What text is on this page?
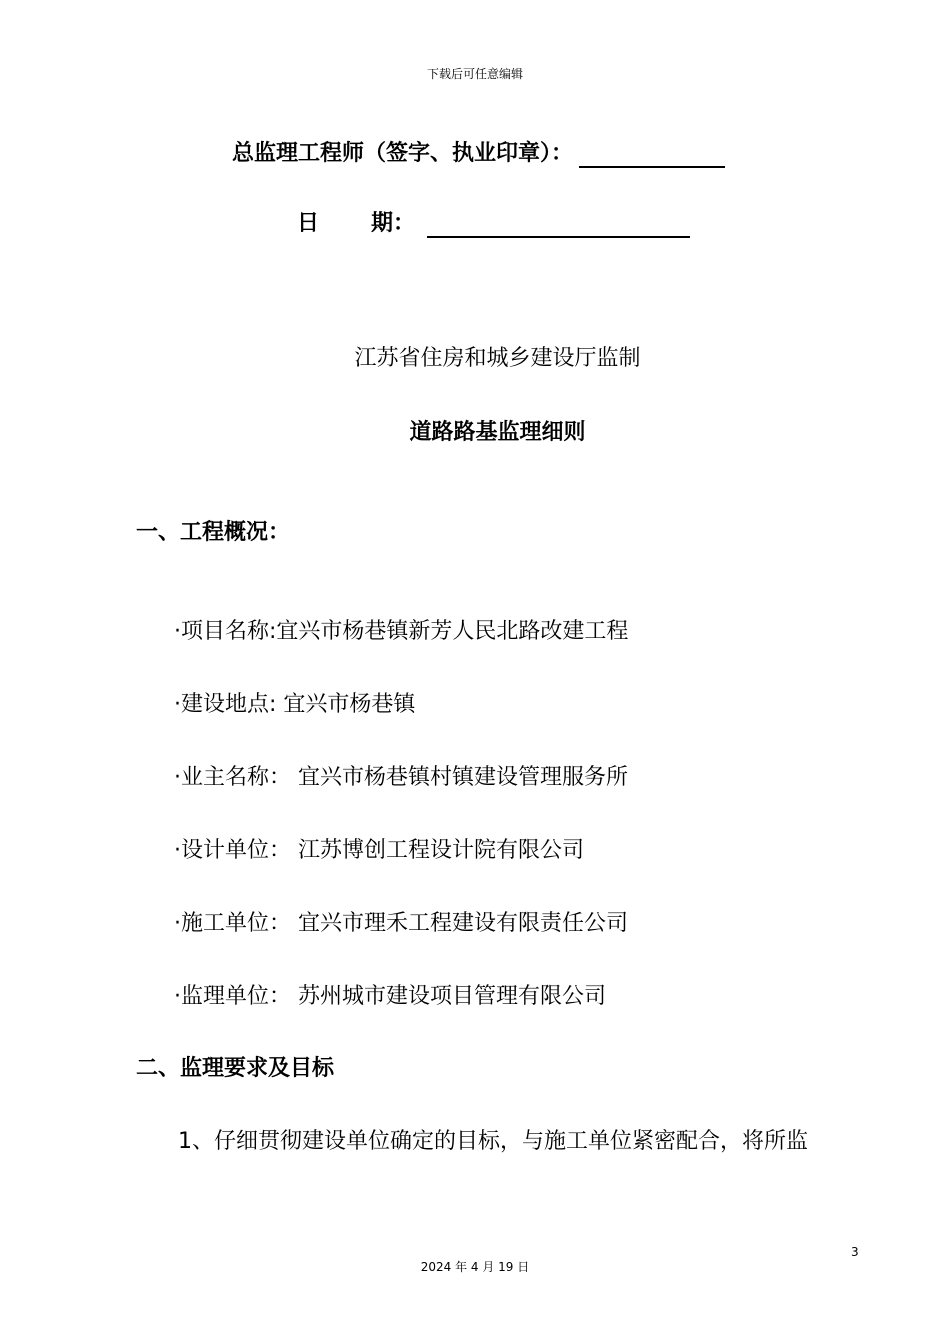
下载后可任意编辑
总监理工程师（签字、执业印章）：
日 期：
江苏省住房和城乡建设厅监制
道路路基监理细则
一、工程概况：
·项目名称:宜兴市杨巷镇新芳人民北路改建工程
·建设地点: 宜兴市杨巷镇
·业主名称： 宜兴市杨巷镇村镇建设管理服务所
·设计单位： 江苏博创工程设计院有限公司
·施工单位： 宜兴市理禾工程建设有限责任公司
·监理单位： 苏州城市建设项目管理有限公司
二、监理要求及目标
1、仔细贯彻建设单位确定的目标，与施工单位紧密配合，将所监
3
2024 年 4 月 19 日
